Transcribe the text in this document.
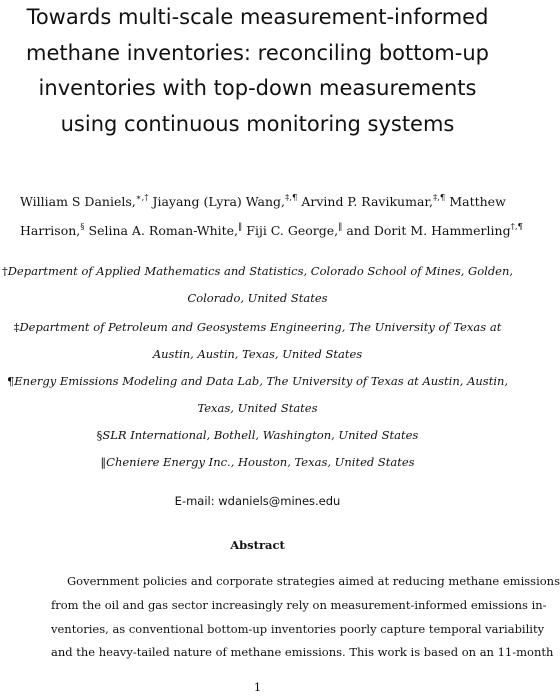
Towards multi-scale measurement-informed
methane inventories: reconciling bottom-up
inventories with top-down measurements
using continuous monitoring systems
William S Daniels,∗,† Jiayang (Lyra) Wang,‡,¶ Arvind P. Ravikumar,‡,¶ Matthew
Harrison,§ Selina A. Roman-White,‖ Fiji C. George,‖ and Dorit M. Hammerling†,¶
†Department of Applied Mathematics and Statistics, Colorado School of Mines, Golden,
Colorado, United States
‡Department of Petroleum and Geosystems Engineering, The University of Texas at
Austin, Austin, Texas, United States
¶Energy Emissions Modeling and Data Lab, The University of Texas at Austin, Austin,
Texas, United States
§SLR International, Bothell, Washington, United States
‖Cheniere Energy Inc., Houston, Texas, United States
E-mail: wdaniels@mines.edu
Abstract
Government policies and corporate strategies aimed at reducing methane emissions
from the oil and gas sector increasingly rely on measurement-informed emissions in-
ventories, as conventional bottom-up inventories poorly capture temporal variability
and the heavy-tailed nature of methane emissions. This work is based on an 11-month
1
